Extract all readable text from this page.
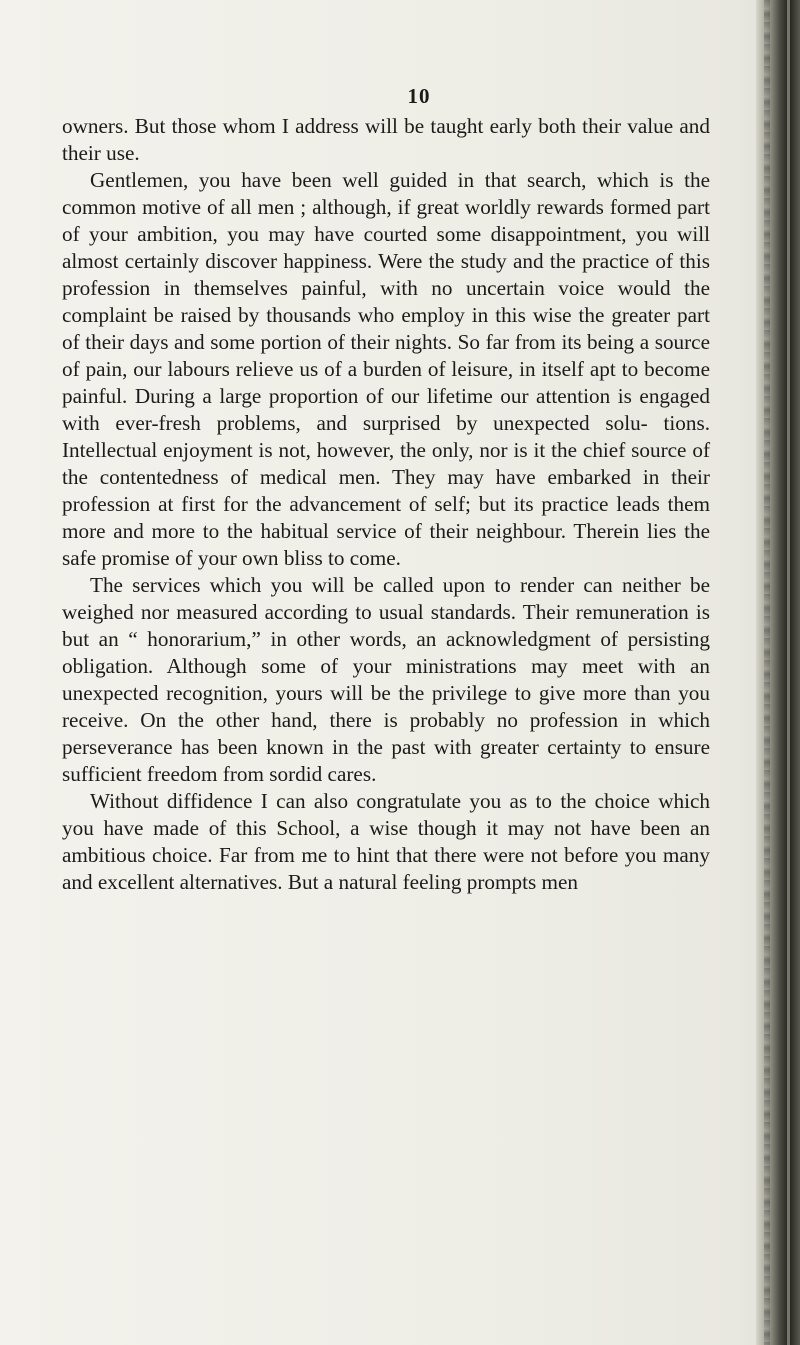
10

owners. But those whom I address will be taught early both their value and their use.

Gentlemen, you have been well guided in that search, which is the common motive of all men ; although, if great worldly rewards formed part of your ambition, you may have courted some disappointment, you will almost certainly discover happiness. Were the study and the practice of this profession in themselves painful, with no uncertain voice would the complaint be raised by thousands who employ in this wise the greater part of their days and some portion of their nights. So far from its being a source of pain, our labours relieve us of a burden of leisure, in itself apt to become painful. During a large proportion of our lifetime our attention is engaged with ever-fresh problems, and surprised by unexpected solu- tions. Intellectual enjoyment is not, however, the only, nor is it the chief source of the contentedness of medical men. They may have embarked in their profession at first for the advancement of self; but its practice leads them more and more to the habitual service of their neighbour. Therein lies the safe promise of your own bliss to come.

The services which you will be called upon to render can neither be weighed nor measured according to usual standards. Their remuneration is but an “ honorarium,” in other words, an acknowledgment of persisting obligation. Although some of your ministrations may meet with an unexpected recognition, yours will be the privilege to give more than you receive. On the other hand, there is probably no profession in which perseverance has been known in the past with greater certainty to ensure sufficient freedom from sordid cares.

Without diffidence I can also congratulate you as to the choice which you have made of this School, a wise though it may not have been an ambitious choice. Far from me to hint that there were not before you many and excellent alternatives. But a natural feeling prompts men
